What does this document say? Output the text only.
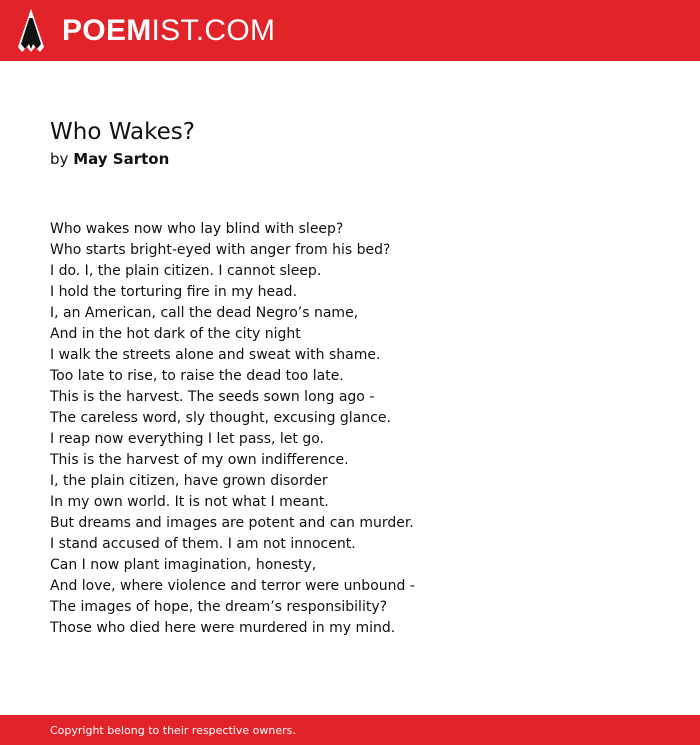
POEMIST.COM
Who Wakes?
by May Sarton
Who wakes now who lay blind with sleep?
Who starts bright-eyed with anger from his bed?
I do. I, the plain citizen. I cannot sleep.
I hold the torturing fire in my head.
I, an American, call the dead Negro’s name,
And in the hot dark of the city night
I walk the streets alone and sweat with shame.
Too late to rise, to raise the dead too late.
This is the harvest. The seeds sown long ago -
The careless word, sly thought, excusing glance.
I reap now everything I let pass, let go.
This is the harvest of my own indifference.
I, the plain citizen, have grown disorder
In my own world. It is not what I meant.
But dreams and images are potent and can murder.
I stand accused of them. I am not innocent.
Can I now plant imagination, honesty,
And love, where violence and terror were unbound -
The images of hope, the dream’s responsibility?
Those who died here were murdered in my mind.
Copyright belong to their respective owners.
